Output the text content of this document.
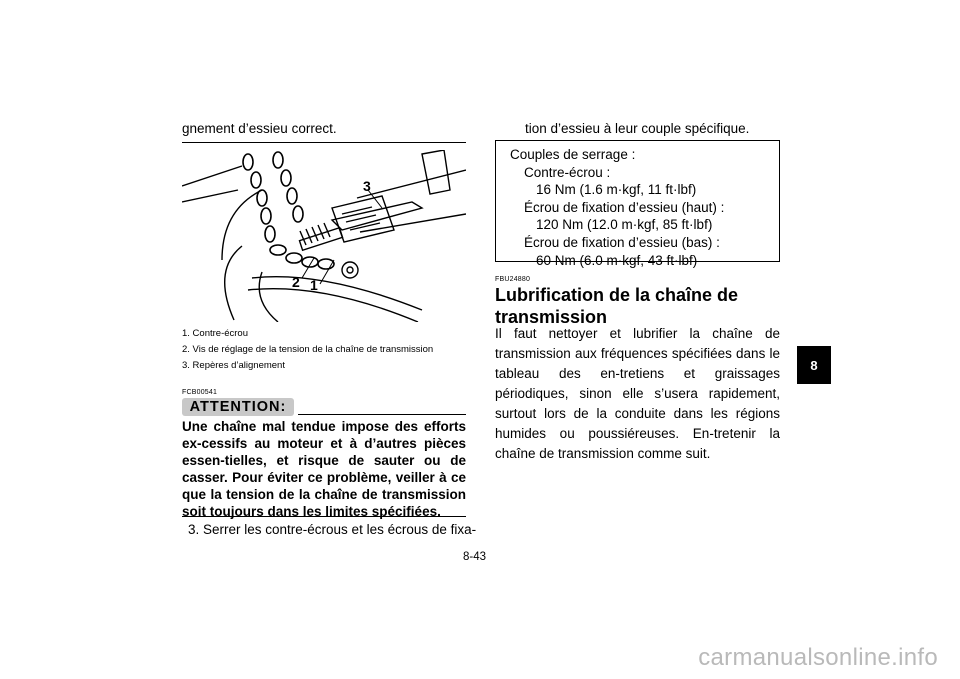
gnement d’essieu correct.
3
2 1
1. Contre-écrou
2. Vis de réglage de la tension de la chaîne de transmission
3. Repères d’alignement
FCB00541
ATTENTION:
Une chaîne mal tendue impose des efforts ex-cessifs au moteur et à d’autres pièces essen-tielles, et risque de sauter ou de casser. Pour éviter ce problème, veiller à ce que la tension de la chaîne de transmission soit toujours dans les limites spécifiées.
3. Serrer les contre-écrous et les écrous de fixa-
tion d’essieu à leur couple spécifique.
Couples de serrage :
Contre-écrou :
16 Nm (1.6 m·kgf, 11 ft·lbf)
Écrou de fixation d’essieu (haut) :
120 Nm (12.0 m·kgf, 85 ft·lbf)
Écrou de fixation d’essieu (bas) :
60 Nm (6.0 m·kgf, 43 ft·lbf)
FBU24880
Lubrification de la chaîne de
transmission
Il faut nettoyer et lubrifier la chaîne de transmission aux fréquences spécifiées dans le tableau des en-tretiens et graissages périodiques, sinon elle s’usera rapidement, surtout lors de la conduite dans les régions humides ou poussiéreuses. En-tretenir la chaîne de transmission comme suit.
8-43
8
carmanualsonline.info
